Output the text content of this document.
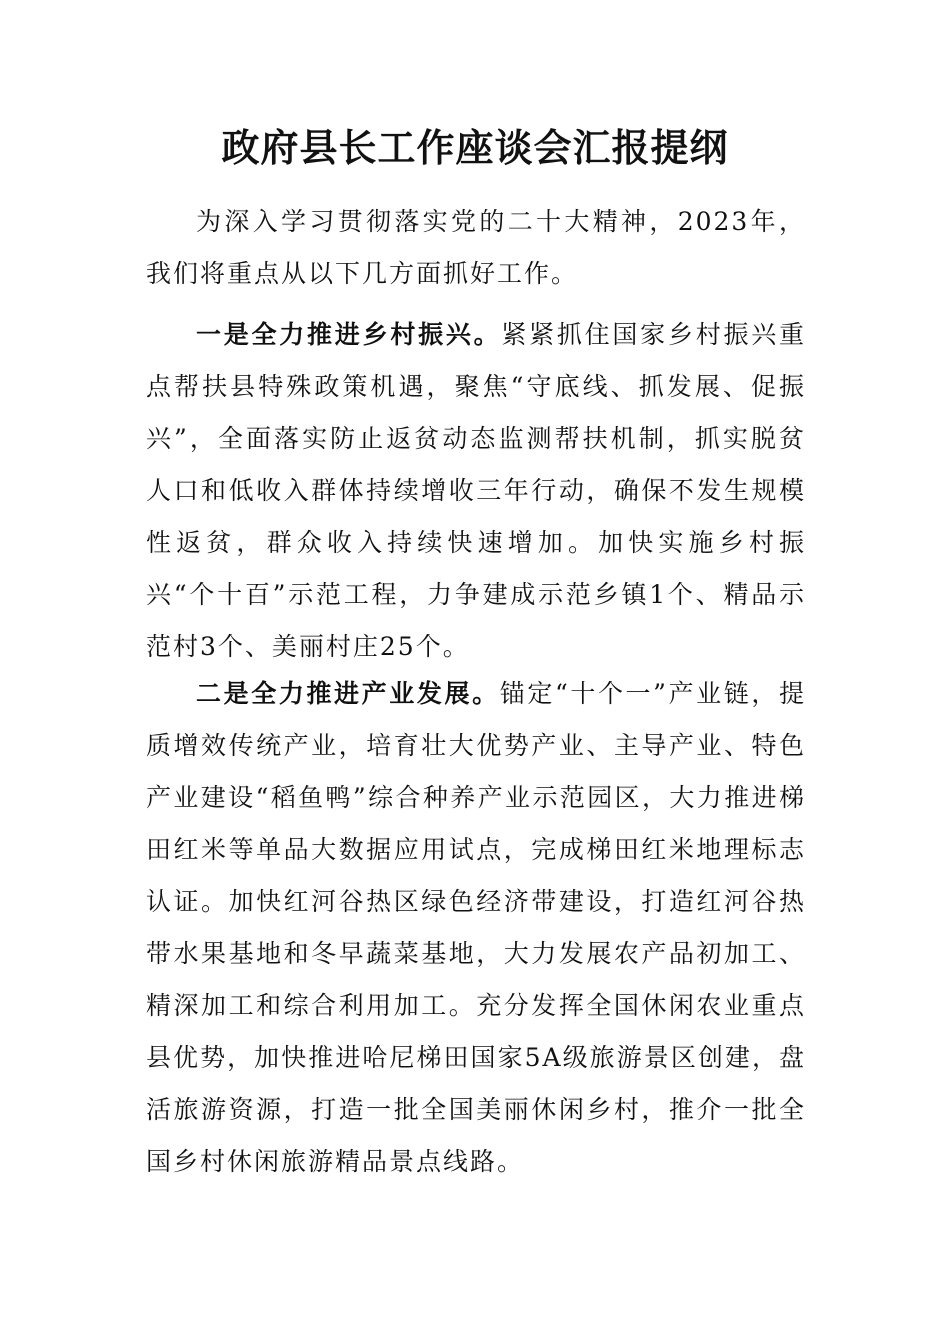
政府县长工作座谈会汇报提纲

为深入学习贯彻落实党的二十大精神，2023年，我们将重点从以下几方面抓好工作。

一是全力推进乡村振兴。紧紧抓住国家乡村振兴重点帮扶县特殊政策机遇，聚焦“守底线、抓发展、促振兴”，全面落实防止返贫动态监测帮扶机制，抓实脱贫人口和低收入群体持续增收三年行动，确保不发生规模性返贫，群众收入持续快速增加。加快实施乡村振兴“个十百”示范工程，力争建成示范乡镇1个、精品示范村3个、美丽村庄25个。

二是全力推进产业发展。锚定“十个一”产业链，提质增效传统产业，培育壮大优势产业、主导产业、特色产业建设“稻鱼鸭”综合种养产业示范园区，大力推进梯田红米等单品大数据应用试点，完成梯田红米地理标志认证。加快红河谷热区绿色经济带建设，打造红河谷热带水果基地和冬早蔬菜基地，大力发展农产品初加工、精深加工和综合利用加工。充分发挥全国休闲农业重点县优势，加快推进哈尼梯田国家5A级旅游景区创建，盘活旅游资源，打造一批全国美丽休闲乡村，推介一批全国乡村休闲旅游精品景点线路。
